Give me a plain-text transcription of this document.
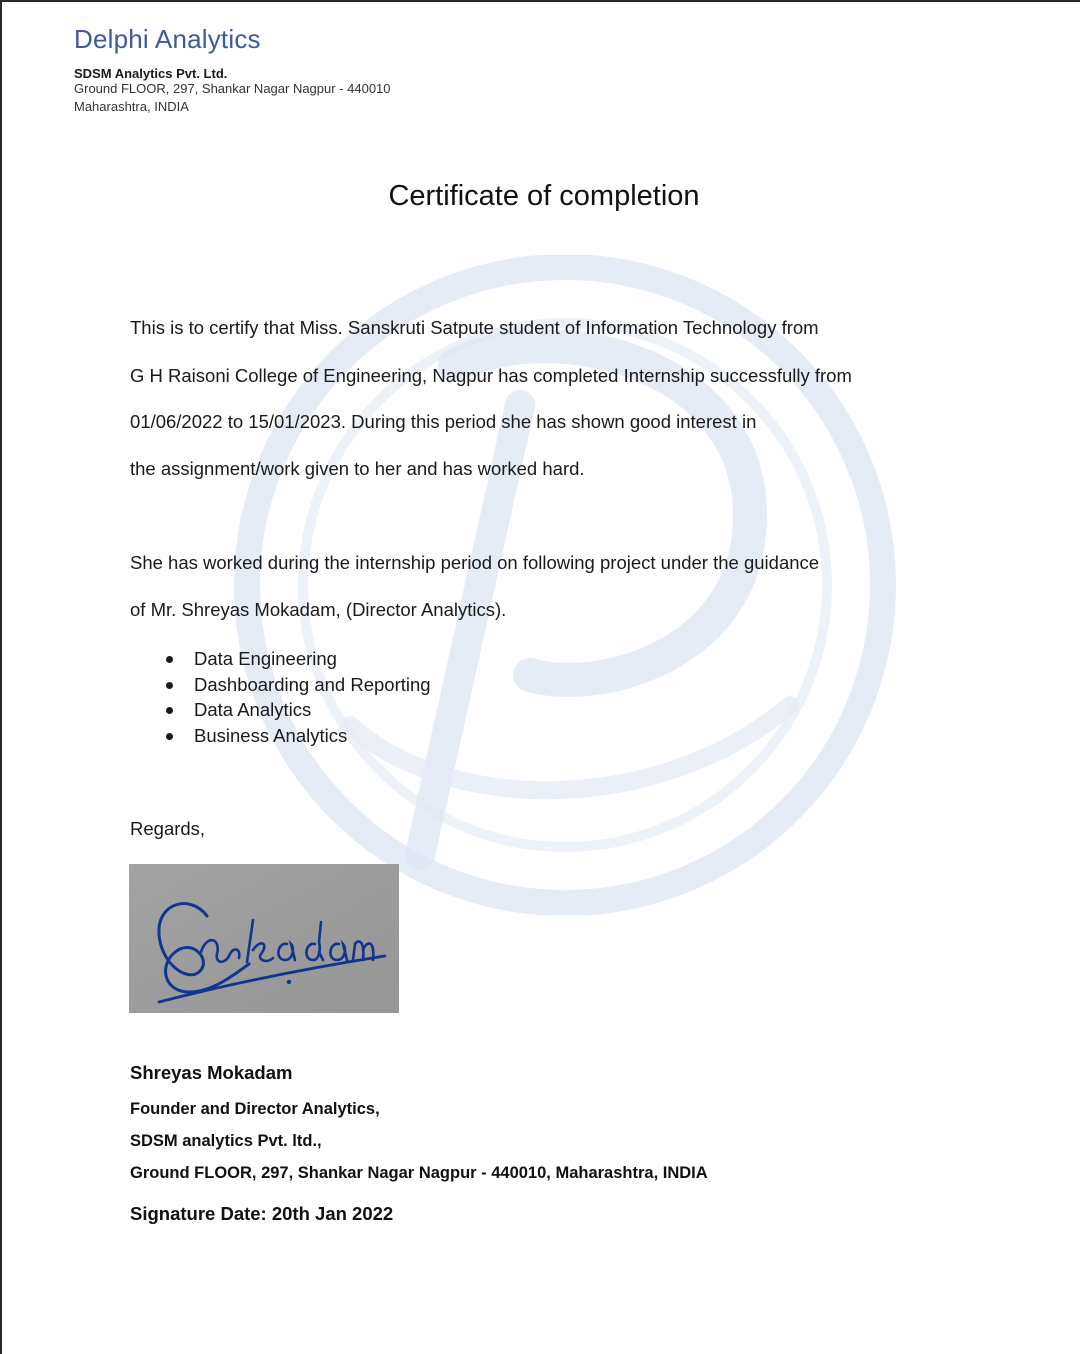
Delphi Analytics
SDSM Analytics Pvt. Ltd.
Ground FLOOR, 297, Shankar Nagar Nagpur - 440010
Maharashtra, INDIA
Certificate of completion
This is to certify that Miss. Sanskruti Satpute student of Information Technology from
G H Raisoni College of Engineering, Nagpur has completed Internship successfully from
01/06/2022 to 15/01/2023. During this period she has shown good interest in
the assignment/work given to her and has worked hard.
She has worked during the internship period on following project under the guidance
of Mr. Shreyas Mokadam, (Director Analytics).
Data Engineering
Dashboarding and Reporting
Data Analytics
Business Analytics
Regards,
Shreyas Mokadam
Founder and Director Analytics,
SDSM analytics Pvt. ltd.,
Ground FLOOR, 297, Shankar Nagar Nagpur - 440010, Maharashtra, INDIA
Signature Date: 20th Jan 2022
